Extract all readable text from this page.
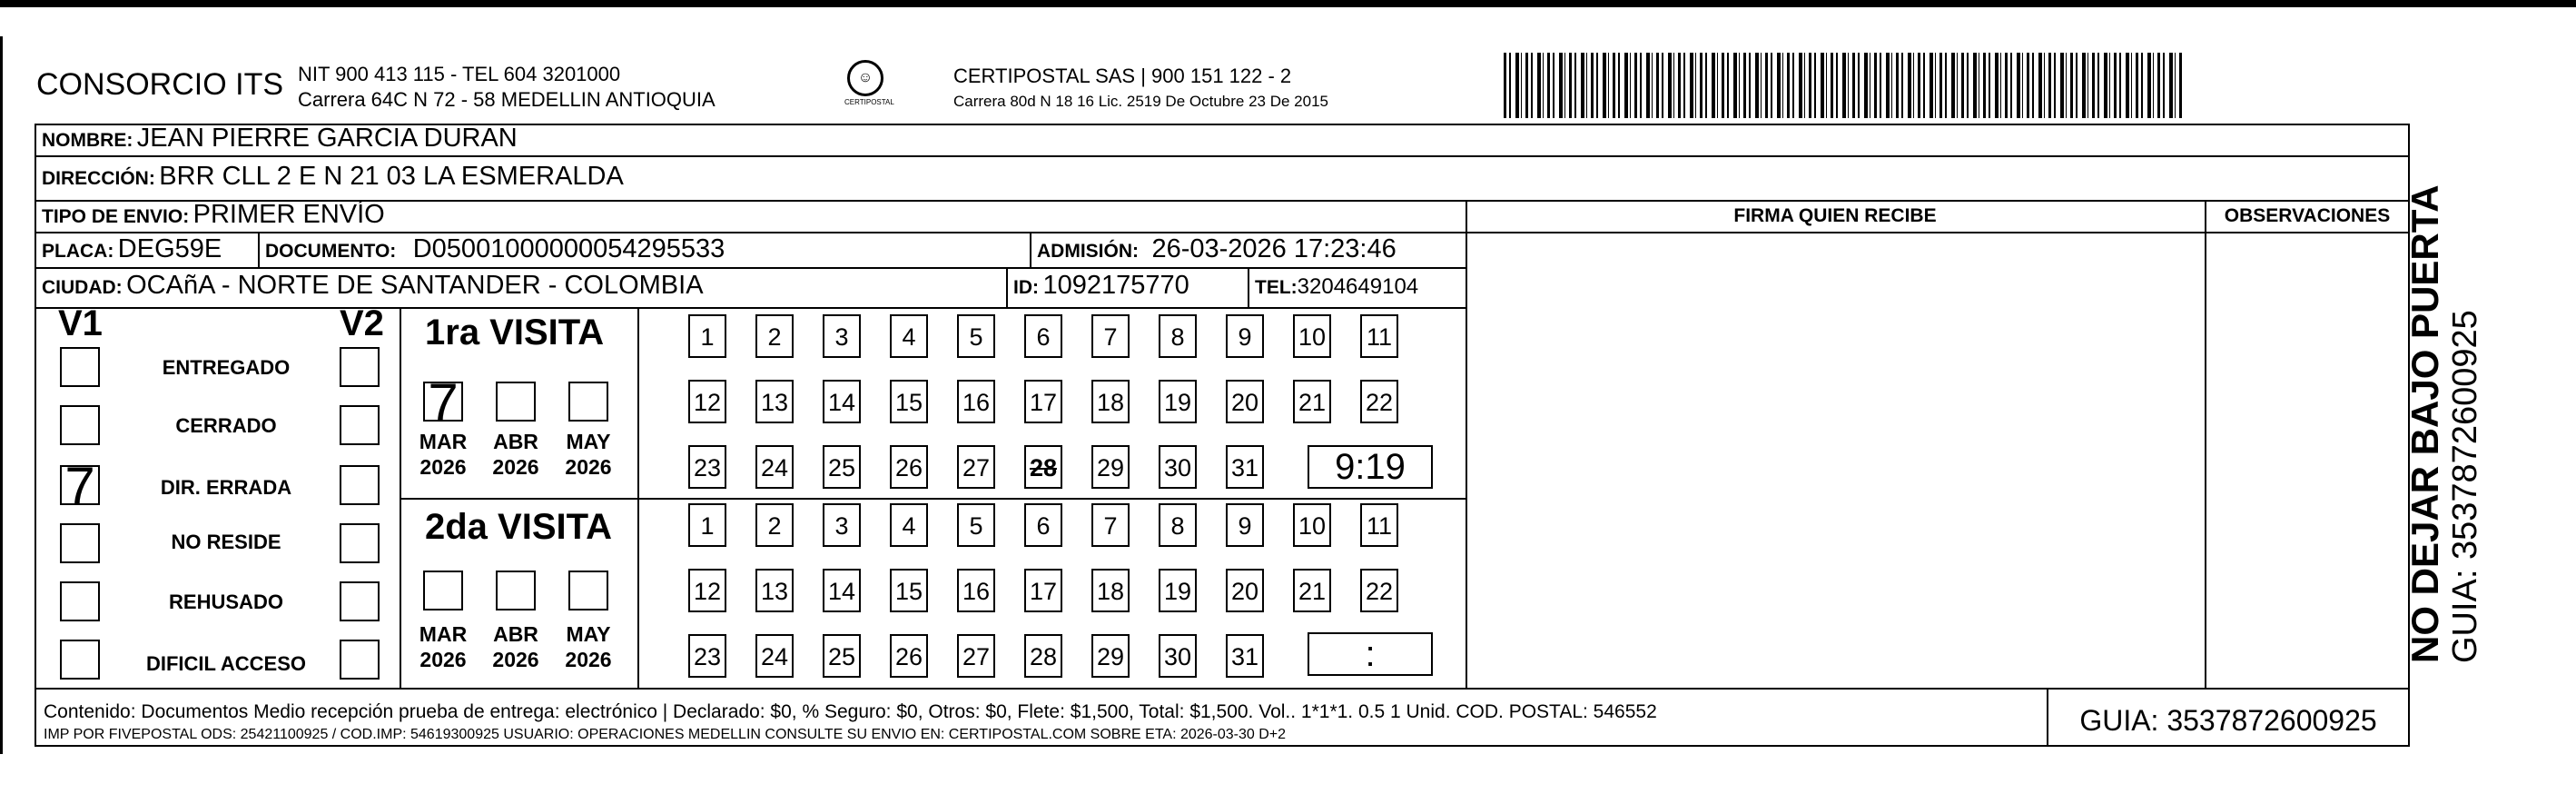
CONSORCIO ITS NIT 900 413 115 - TEL 604 3201000
Carrera 64C N 72 - 58 MEDELLIN ANTIOQUIA
☺
CERTIPOSTAL
CERTIPOSTAL SAS | 900 151 122 - 2
Carrera 80d N 18 16 Lic. 2519 De Octubre 23 De 2015
NOMBRE: JEAN PIERRE GARCIA DURAN
DIRECCIÓN: BRR CLL 2 E N 21 03 LA ESMERALDA
TIPO DE ENVIO: PRIMER ENVÍO	FIRMA QUIEN RECIBE	OBSERVACIONES
PLACA: DEG59E DOCUMENTO: D05001000000054295533	ADMISIÓN: 26-03-2026 17:23:46
CIUDAD: OCAñA - NORTE DE SANTANDER - COLOMBIA	ID: 1092175770	TEL:3204649104
V1	V2
ENTREGADO
CERRADO
7	DIR. ERRADA
NO RESIDE
REHUSADO
DIFICIL ACCESO
1ra VISITA
7
MAR
2026
ABR
2026
MAY
2026
1	2	3	4	5	6	7	8	9	10 11
12 13 14 15 16 17 18 19 20 21 22
23 24 25 26 27 28 29 30 31	9:19
2da VISITA
MAR
2026
ABR
2026
MAY
2026
1	2	3	4	5	6	7	8	9	10 11
12 13 14 15 16 17 18 19 20 21 22
23 24 25 26 27 28 29 30 31	:
Contenido: Documentos Medio recepción prueba de entrega: electrónico | Declarado: $0, % Seguro: $0, Otros: $0, Flete: $1,500, Total: $1,500. Vol.. 1*1*1. 0.5 1 Unid. COD. POSTAL: 546552
IMP POR FIVEPOSTAL ODS: 25421100925 / COD.IMP: 54619300925 USUARIO: OPERACIONES MEDELLIN CONSULTE SU ENVIO EN: CERTIPOSTAL.COM SOBRE ETA: 2026-03-30 D+2	GUIA: 3537872600925
NO DEJAR BAJO PUERTA GUIA: 3537872600925
